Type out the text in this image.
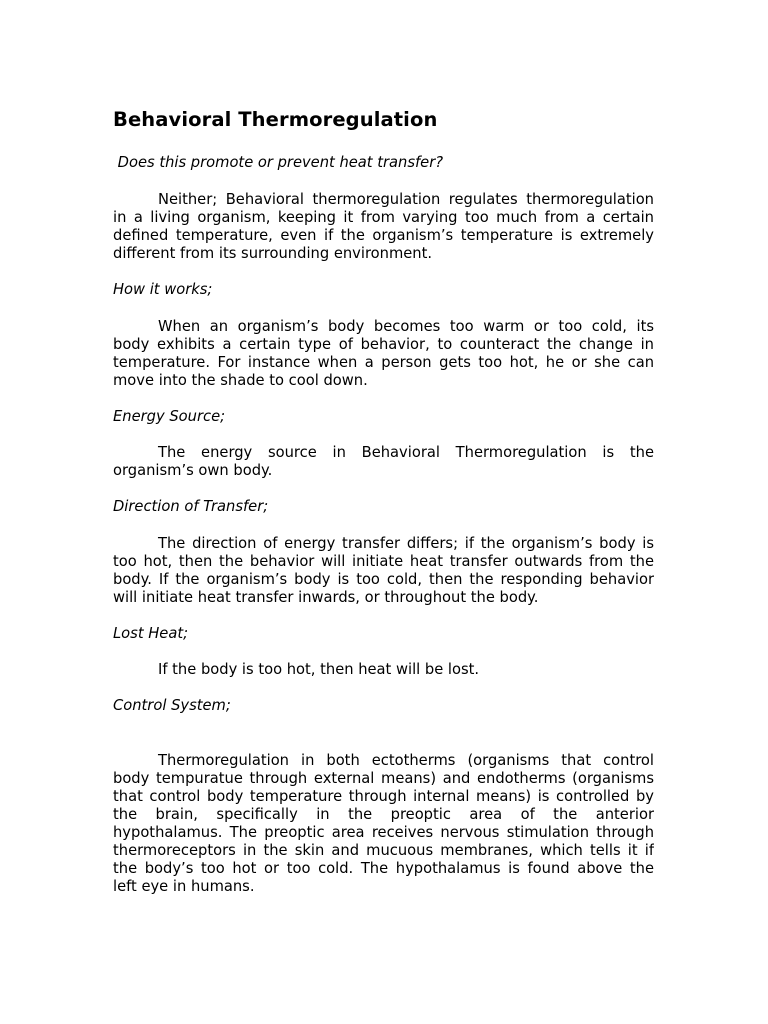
Behavioral Thermoregulation

Does this promote or prevent heat transfer?

Neither; Behavioral thermoregulation regulates thermoregulation
in a living organism, keeping it from varying too much from a certain
defined temperature, even if the organism’s temperature is extremely
different from its surrounding environment.

How it works;

When an organism’s body becomes too warm or too cold, its
body exhibits a certain type of behavior, to counteract the change in
temperature. For instance when a person gets too hot, he or she can
move into the shade to cool down.

Energy Source;

The energy source in Behavioral Thermoregulation is the
organism’s own body.

Direction of Transfer;

The direction of energy transfer differs; if the organism’s body is
too hot, then the behavior will initiate heat transfer outwards from the
body. If the organism’s body is too cold, then the responding behavior
will initiate heat transfer inwards, or throughout the body.

Lost Heat;

If the body is too hot, then heat will be lost.

Control System;

Thermoregulation in both ectotherms (organisms that control
body tempuratue through external means) and endotherms (organisms
that control body temperature through internal means) is controlled by
the brain, specifically in the preoptic area of the anterior
hypothalamus. The preoptic area receives nervous stimulation through
thermoreceptors in the skin and mucuous membranes, which tells it if
the body’s too hot or too cold. The hypothalamus is found above the
left eye in humans.
